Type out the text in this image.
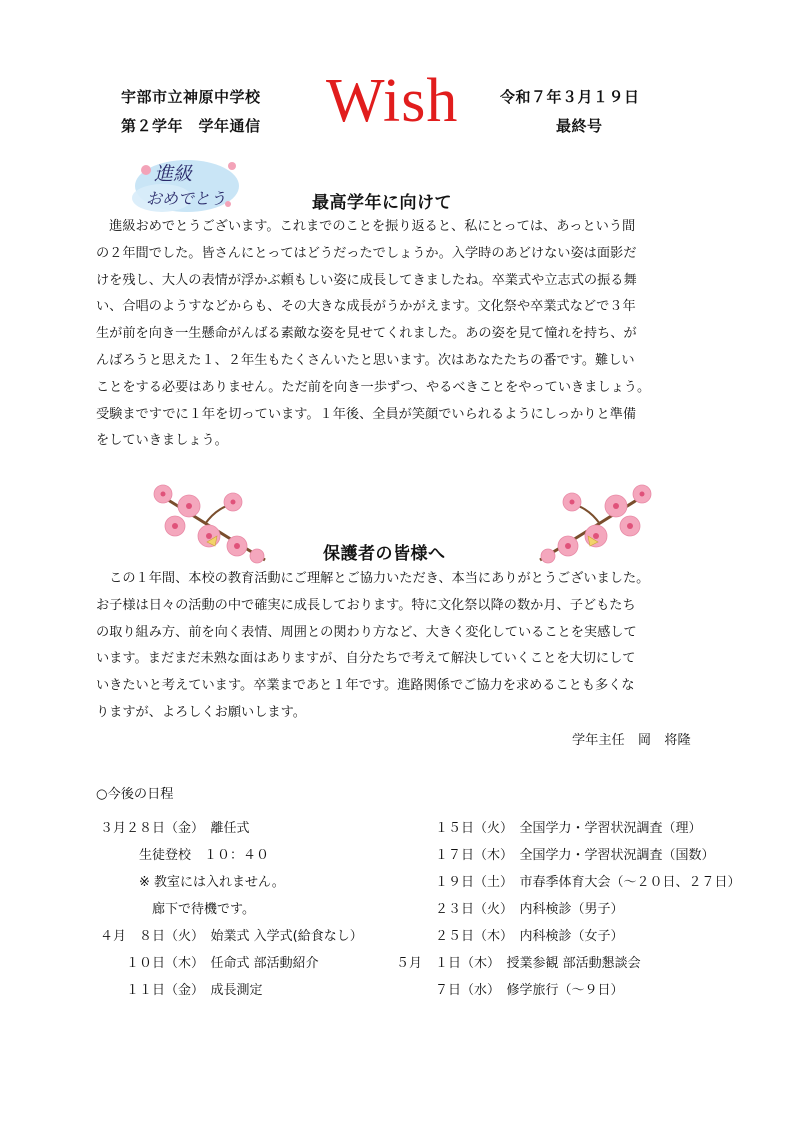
宇部市立神原中学校
第２学年　学年通信 Wish	令和７年３月１９日
最終号
進級
おめでとう	最高学年に向けて
　進級おめでとうございます。これまでのことを振り返ると、私にとっては、あっという間
の２年間でした。皆さんにとってはどうだったでしょうか。入学時のあどけない姿は面影だ
けを残し、大人の表情が浮かぶ頼もしい姿に成長してきましたね。卒業式や立志式の振る舞
い、合唱のようすなどからも、その大きな成長がうかがえます。文化祭や卒業式などで３年
生が前を向き一生懸命がんばる素敵な姿を見せてくれました。あの姿を見て憧れを持ち、が
んばろうと思えた１、２年生もたくさんいたと思います。次はあなたたちの番です。難しい
ことをする必要はありません。ただ前を向き一歩ずつ、やるべきことをやっていきましょう。
受験まですでに１年を切っています。１年後、全員が笑顔でいられるようにしっかりと準備
をしていきましょう。
保護者の皆様へ
　この１年間、本校の教育活動にご理解とご協力いただき、本当にありがとうございました。
お子様は日々の活動の中で確実に成長しております。特に文化祭以降の数か月、子どもたち
の取り組み方、前を向く表情、周囲との関わり方など、大きく変化していることを実感して
います。まだまだ未熟な面はありますが、自分たちで考えて解決していくことを大切にして
いきたいと考えています。卒業まであと１年です。進路関係でご協力を求めることも多くな
りますが、よろしくお願いします。
学年主任　岡　将隆
○今後の日程
３月２８日（金）　離任式
　　　生徒登校　１０：４０
　　　※ 教室には入れません。
　　　　廊下で待機です。
４月　８日（火）　始業式 入学式(給食なし）
　　１０日（木）　任命式 部活動紹介
　　１１日（金）　成長測定
　　　１５日（火）　全国学力・学習状況調査（理）
　　　１７日（木）　全国学力・学習状況調査（国数）
　　　１９日（土）　市春季体育大会（～２０日、２７日）
　　　２３日（火）　内科検診（男子）
　　　２５日（木）　内科検診（女子）
５月　１日（木）　授業参観 部活動懇談会
　　　７日（水）　修学旅行（～９日）
